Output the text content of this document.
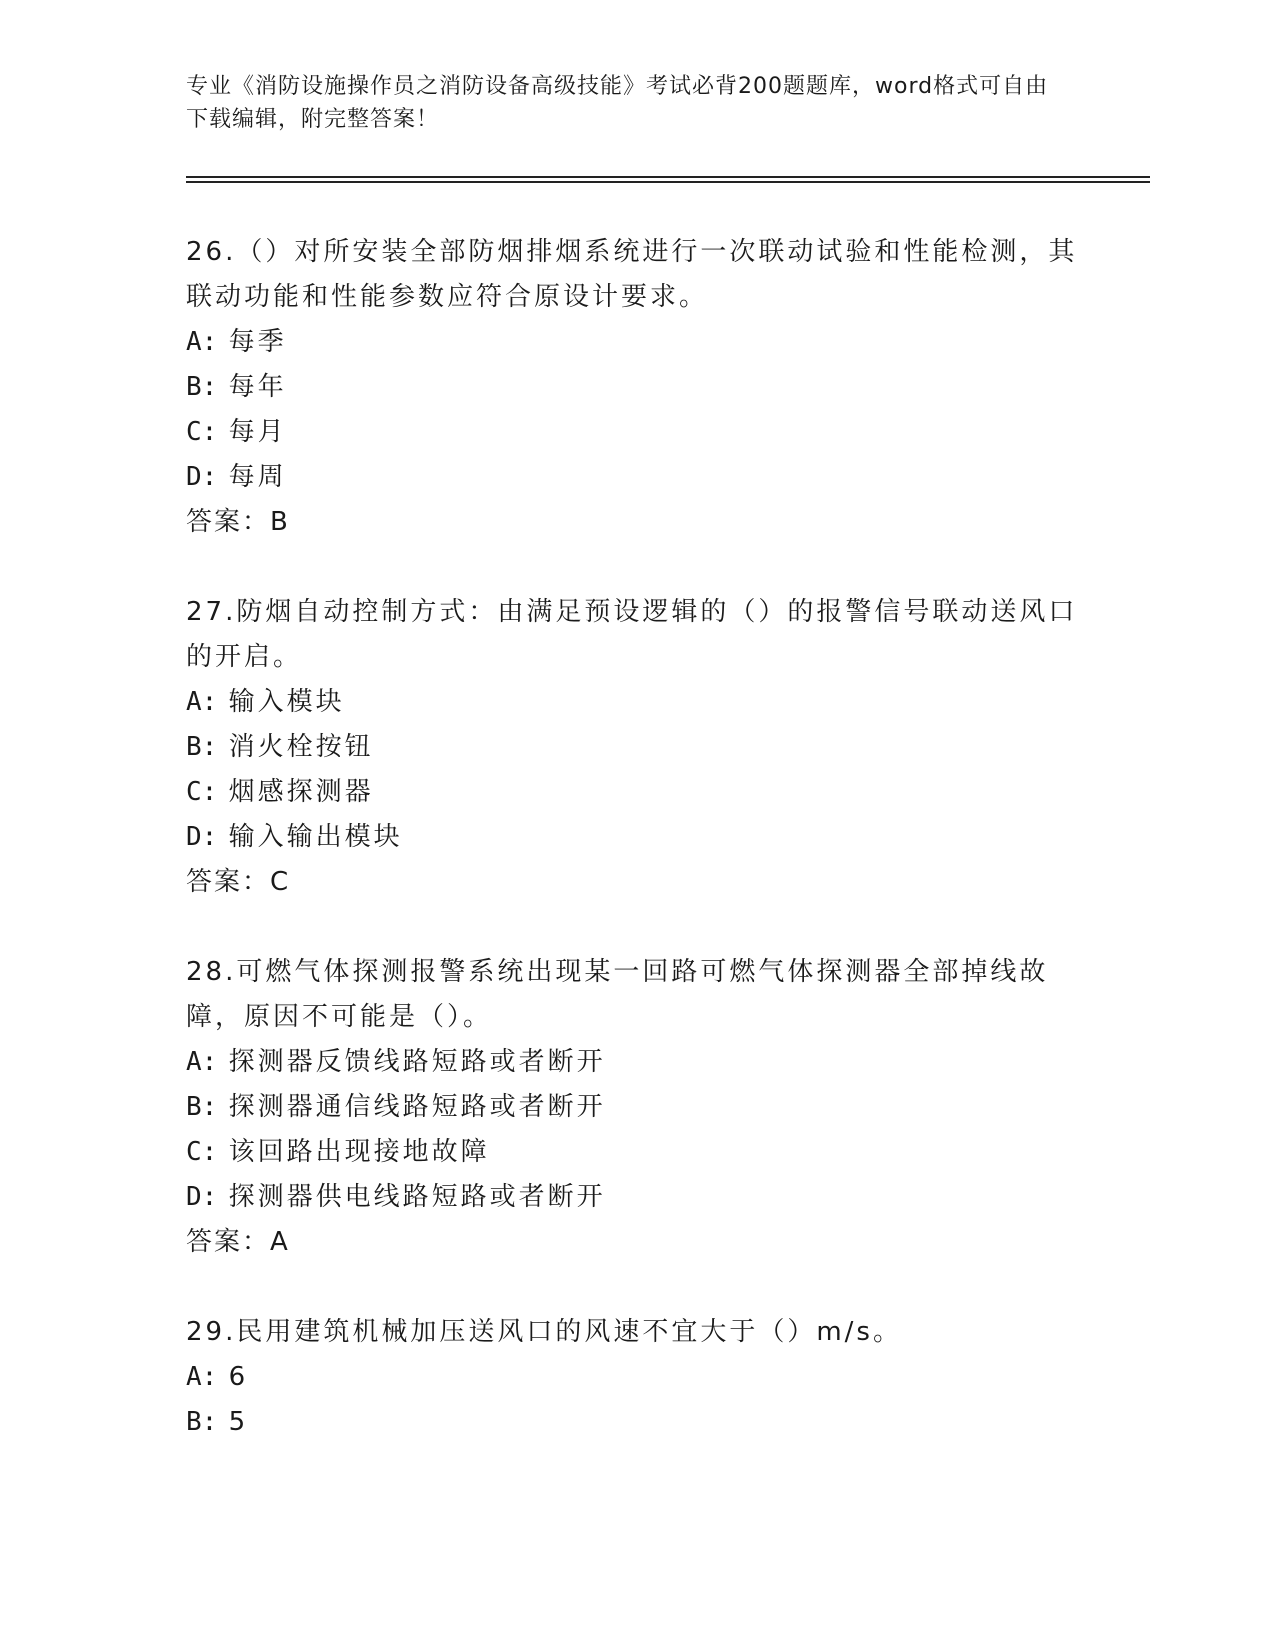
专业《消防设施操作员之消防设备高级技能》考试必背200题题库，word格式可自由下载编辑，附完整答案！
26.（）对所安装全部防烟排烟系统进行一次联动试验和性能检测，其联动功能和性能参数应符合原设计要求。
A: 每季
B: 每年
C: 每月
D: 每周
答案：B
27.防烟自动控制方式：由满足预设逻辑的（）的报警信号联动送风口的开启。
A: 输入模块
B: 消火栓按钮
C: 烟感探测器
D: 输入输出模块
答案：C
28.可燃气体探测报警系统出现某一回路可燃气体探测器全部掉线故障，原因不可能是（）。
A: 探测器反馈线路短路或者断开
B: 探测器通信线路短路或者断开
C: 该回路出现接地故障
D: 探测器供电线路短路或者断开
答案：A
29.民用建筑机械加压送风口的风速不宜大于（）m/s。
A: 6
B: 5
